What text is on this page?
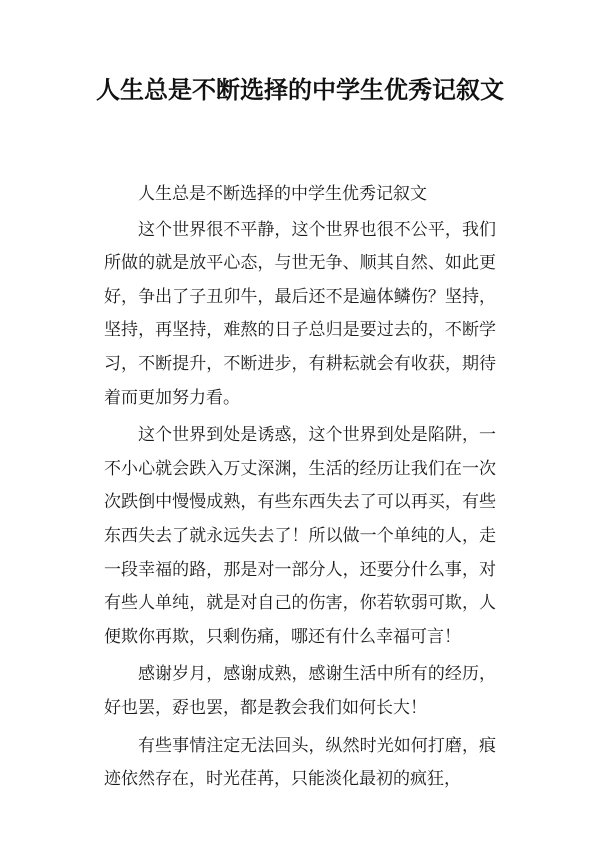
人生总是不断选择的中学生优秀记叙文

人生总是不断选择的中学生优秀记叙文

这个世界很不平静，这个世界也很不公平，我们所做的就是放平心态，与世无争、顺其自然、如此更好，争出了子丑卯牛，最后还不是遍体鳞伤？坚持，坚持，再坚持，难熬的日子总归是要过去的，不断学习，不断提升，不断进步，有耕耘就会有收获，期待着而更加努力看。

这个世界到处是诱惑，这个世界到处是陷阱，一不小心就会跌入万丈深渊，生活的经历让我们在一次次跌倒中慢慢成熟，有些东西失去了可以再买，有些东西失去了就永远失去了！所以做一个单纯的人，走一段幸福的路，那是对一部分人，还要分什么事，对有些人单纯，就是对自己的伤害，你若软弱可欺，人便欺你再欺，只剩伤痛，哪还有什么幸福可言！

感谢岁月，感谢成熟，感谢生活中所有的经历，好也罢，孬也罢，都是教会我们如何长大！

有些事情注定无法回头，纵然时光如何打磨，痕迹依然存在，时光荏苒，只能淡化最初的疯狂，
